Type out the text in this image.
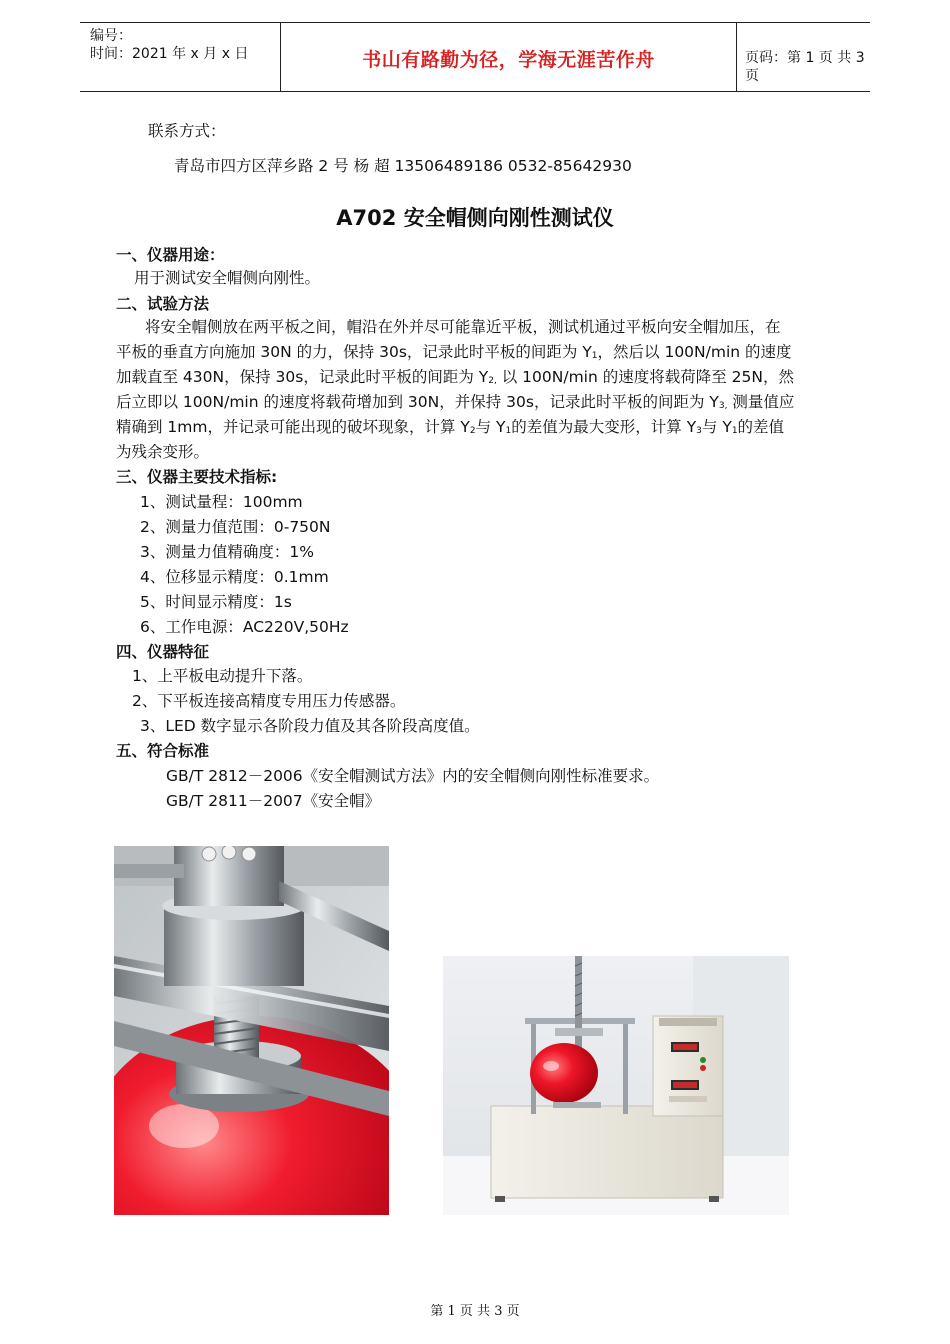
编号：
时间：2021 年 x 月 x 日	书山有路勤为径，学海无涯苦作舟	页码：第 1 页 共 3 页
联系方式：
青岛市四方区萍乡路 2 号 杨 超 13506489186 0532-85642930
A702 安全帽侧向刚性测试仪
一、仪器用途：
用于测试安全帽侧向刚性。
二、试验方法
将安全帽侧放在两平板之间，帽沿在外并尽可能靠近平板，测试机通过平板向安全帽加压，在
平板的垂直方向施加 30N 的力，保持 30s，记录此时平板的间距为 $Y_1$，然后以 100N/min 的速度
加载直至 430N，保持 30s，记录此时平板的间距为 $Y_{2,}$ 以 100N/min 的速度将载荷降至 25N，然
后立即以 100N/min 的速度将载荷增加到 30N，并保持 30s，记录此时平板的间距为 $Y_{3,}$ 测量值应
精确到 1mm，并记录可能出现的破坏现象，计算 $Y_2$与 $Y_1$的差值为最大变形，计算 $Y_3$与 $Y_1$的差值
为残余变形。
三、仪器主要技术指标:
1、测试量程：100mm
2、测量力值范围：0-750N
3、测量力值精确度：1%
4、位移显示精度：0.1mm
5、时间显示精度：1s
6、工作电源：AC220V,50Hz
四、仪器特征
1、上平板电动提升下落。
2、下平板连接高精度专用压力传感器。
3、LED 数字显示各阶段力值及其各阶段高度值。
五、符合标准
GB/T 2812－2006《安全帽测试方法》内的安全帽侧向刚性标准要求。
GB/T 2811－2007《安全帽》
第 1 页 共 3 页
